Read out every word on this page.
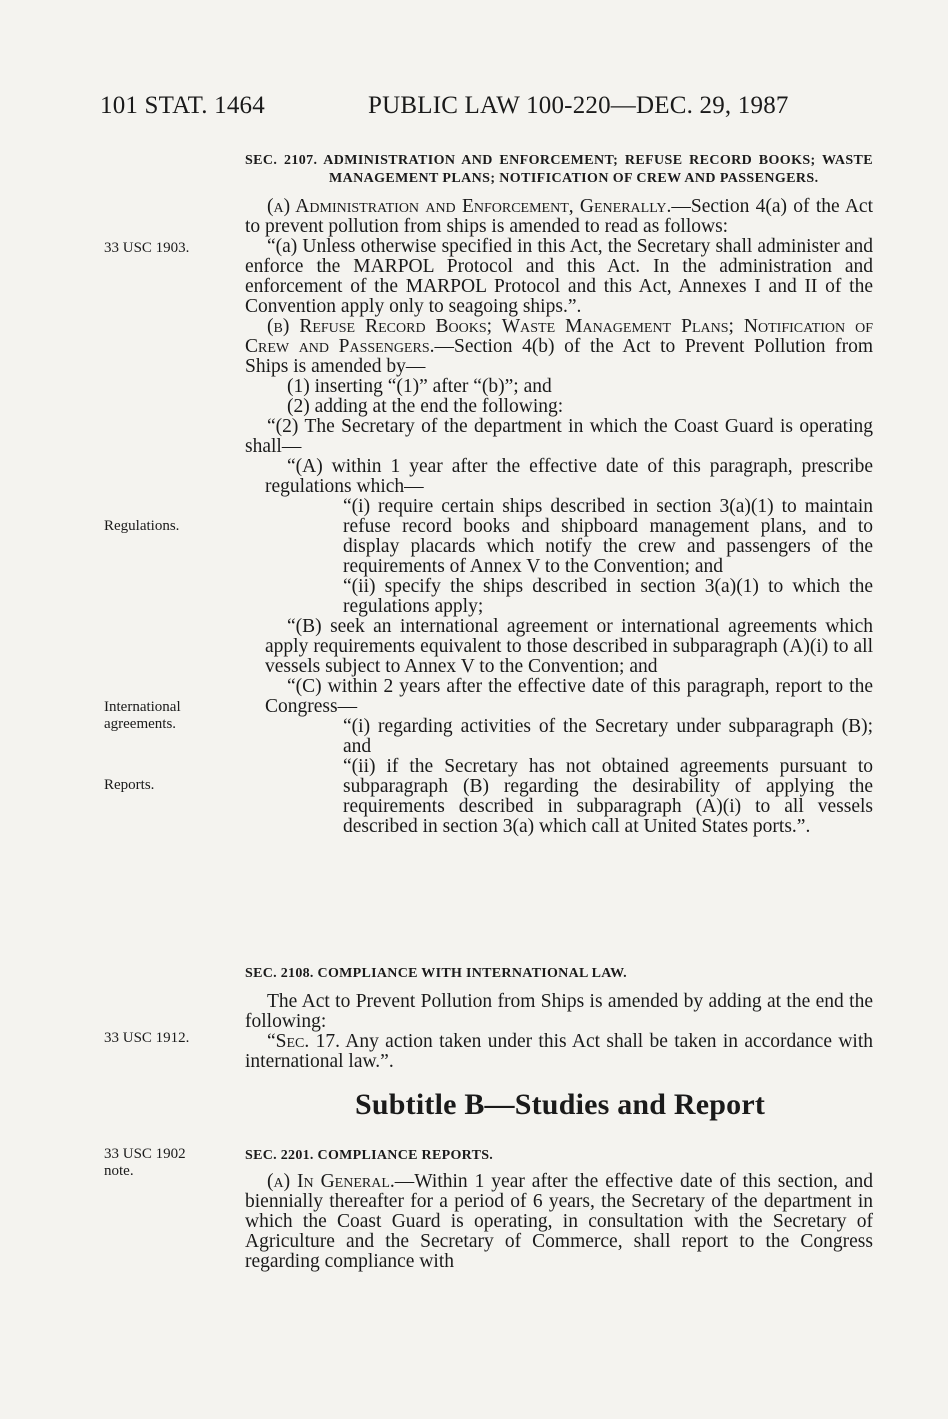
101 STAT. 1464	PUBLIC LAW 100-220—DEC. 29, 1987
33 USC 1903.
Regulations.
International
agreements.
Reports.
33 USC 1912.
33 USC 1902
note.
SEC. 2107. ADMINISTRATION AND ENFORCEMENT; REFUSE RECORD BOOKS; WASTE MANAGEMENT PLANS; NOTIFICATION OF CREW AND PASSENGERS.

(a) Administration and Enforcement, Generally.—Section 4(a) of the Act to prevent pollution from ships is amended to read as follows:

“(a) Unless otherwise specified in this Act, the Secretary shall administer and enforce the MARPOL Protocol and this Act. In the administration and enforcement of the MARPOL Protocol and this Act, Annexes I and II of the Convention apply only to seagoing ships.”.

(b) Refuse Record Books; Waste Management Plans; Notification of Crew and Passengers.—Section 4(b) of the Act to Prevent Pollution from Ships is amended by—

(1) inserting “(1)” after “(b)”; and

(2) adding at the end the following:

“(2) The Secretary of the department in which the Coast Guard is operating shall—

“(A) within 1 year after the effective date of this paragraph, prescribe regulations which—

“(i) require certain ships described in section 3(a)(1) to maintain refuse record books and shipboard management plans, and to display placards which notify the crew and passengers of the requirements of Annex V to the Convention; and

“(ii) specify the ships described in section 3(a)(1) to which the regulations apply;

“(B) seek an international agreement or international agreements which apply requirements equivalent to those described in subparagraph (A)(i) to all vessels subject to Annex V to the Convention; and

“(C) within 2 years after the effective date of this paragraph, report to the Congress—

“(i) regarding activities of the Secretary under subparagraph (B); and

“(ii) if the Secretary has not obtained agreements pursuant to subparagraph (B) regarding the desirability of applying the requirements described in subparagraph (A)(i) to all vessels described in section 3(a) which call at United States ports.”.

SEC. 2108. COMPLIANCE WITH INTERNATIONAL LAW.

The Act to Prevent Pollution from Ships is amended by adding at the end the following:

“Sec. 17. Any action taken under this Act shall be taken in accordance with international law.”.

Subtitle B—Studies and Report
SEC. 2201. COMPLIANCE REPORTS.

(a) In General.—Within 1 year after the effective date of this section, and biennially thereafter for a period of 6 years, the Secretary of the department in which the Coast Guard is operating, in consultation with the Secretary of Agriculture and the Secretary of Commerce, shall report to the Congress regarding compliance with
